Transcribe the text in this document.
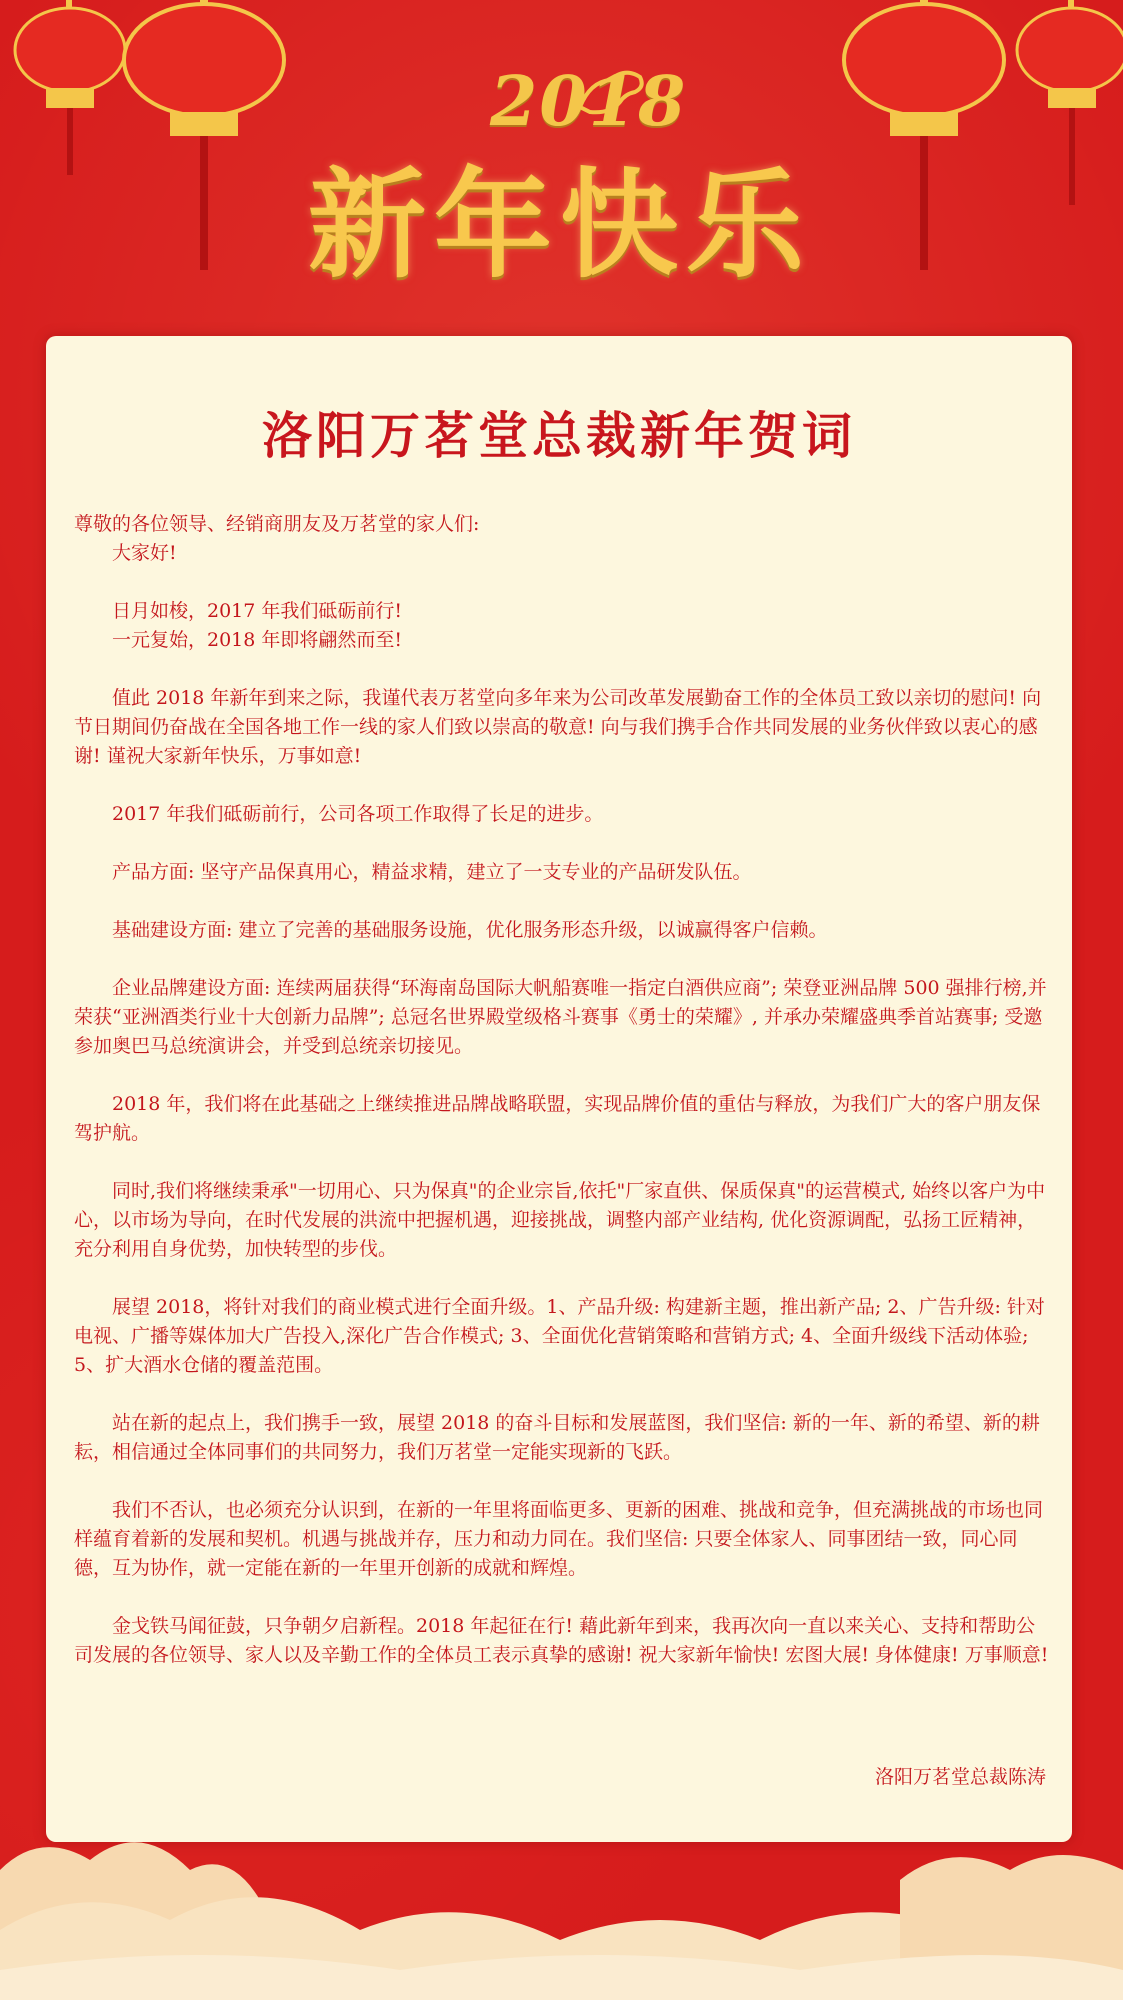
2018
新年快乐
洛阳万茗堂总裁新年贺词

尊敬的各位领导、经销商朋友及万茗堂的家人们:

大家好!

日月如梭，2017 年我们砥砺前行!

一元复始，2018 年即将翩然而至!

值此 2018 年新年到来之际，我谨代表万茗堂向多年来为公司改革发展勤奋工作的全体员工致以亲切的慰问! 向节日期间仍奋战在全国各地工作一线的家人们致以崇高的敬意! 向与我们携手合作共同发展的业务伙伴致以衷心的感谢! 谨祝大家新年快乐，万事如意!

2017 年我们砥砺前行，公司各项工作取得了长足的进步。

产品方面: 坚守产品保真用心，精益求精，建立了一支专业的产品研发队伍。

基础建设方面: 建立了完善的基础服务设施，优化服务形态升级，以诚赢得客户信赖。

企业品牌建设方面: 连续两届获得“环海南岛国际大帆船赛唯一指定白酒供应商”; 荣登亚洲品牌 500 强排行榜,并荣获“亚洲酒类行业十大创新力品牌”; 总冠名世界殿堂级格斗赛事《勇士的荣耀》, 并承办荣耀盛典季首站赛事; 受邀参加奥巴马总统演讲会，并受到总统亲切接见。

2018 年，我们将在此基础之上继续推进品牌战略联盟，实现品牌价值的重估与释放，为我们广大的客户朋友保驾护航。

同时,我们将继续秉承"一切用心、只为保真"的企业宗旨,依托"厂家直供、保质保真"的运营模式, 始终以客户为中心，以市场为导向，在时代发展的洪流中把握机遇，迎接挑战，调整内部产业结构, 优化资源调配，弘扬工匠精神，充分利用自身优势，加快转型的步伐。

展望 2018，将针对我们的商业模式进行全面升级。1、产品升级: 构建新主题，推出新产品; 2、广告升级: 针对电视、广播等媒体加大广告投入,深化广告合作模式; 3、全面优化营销策略和营销方式; 4、全面升级线下活动体验; 5、扩大酒水仓储的覆盖范围。

站在新的起点上，我们携手一致，展望 2018 的奋斗目标和发展蓝图，我们坚信: 新的一年、新的希望、新的耕耘，相信通过全体同事们的共同努力，我们万茗堂一定能实现新的飞跃。

我们不否认，也必须充分认识到，在新的一年里将面临更多、更新的困难、挑战和竞争，但充满挑战的市场也同样蕴育着新的发展和契机。机遇与挑战并存，压力和动力同在。我们坚信: 只要全体家人、同事团结一致，同心同德，互为协作，就一定能在新的一年里开创新的成就和辉煌。

金戈铁马闻征鼓，只争朝夕启新程。2018 年起征在行! 藉此新年到来，我再次向一直以来关心、支持和帮助公司发展的各位领导、家人以及辛勤工作的全体员工表示真挚的感谢! 祝大家新年愉快! 宏图大展! 身体健康! 万事顺意!

洛阳万茗堂总裁陈涛
